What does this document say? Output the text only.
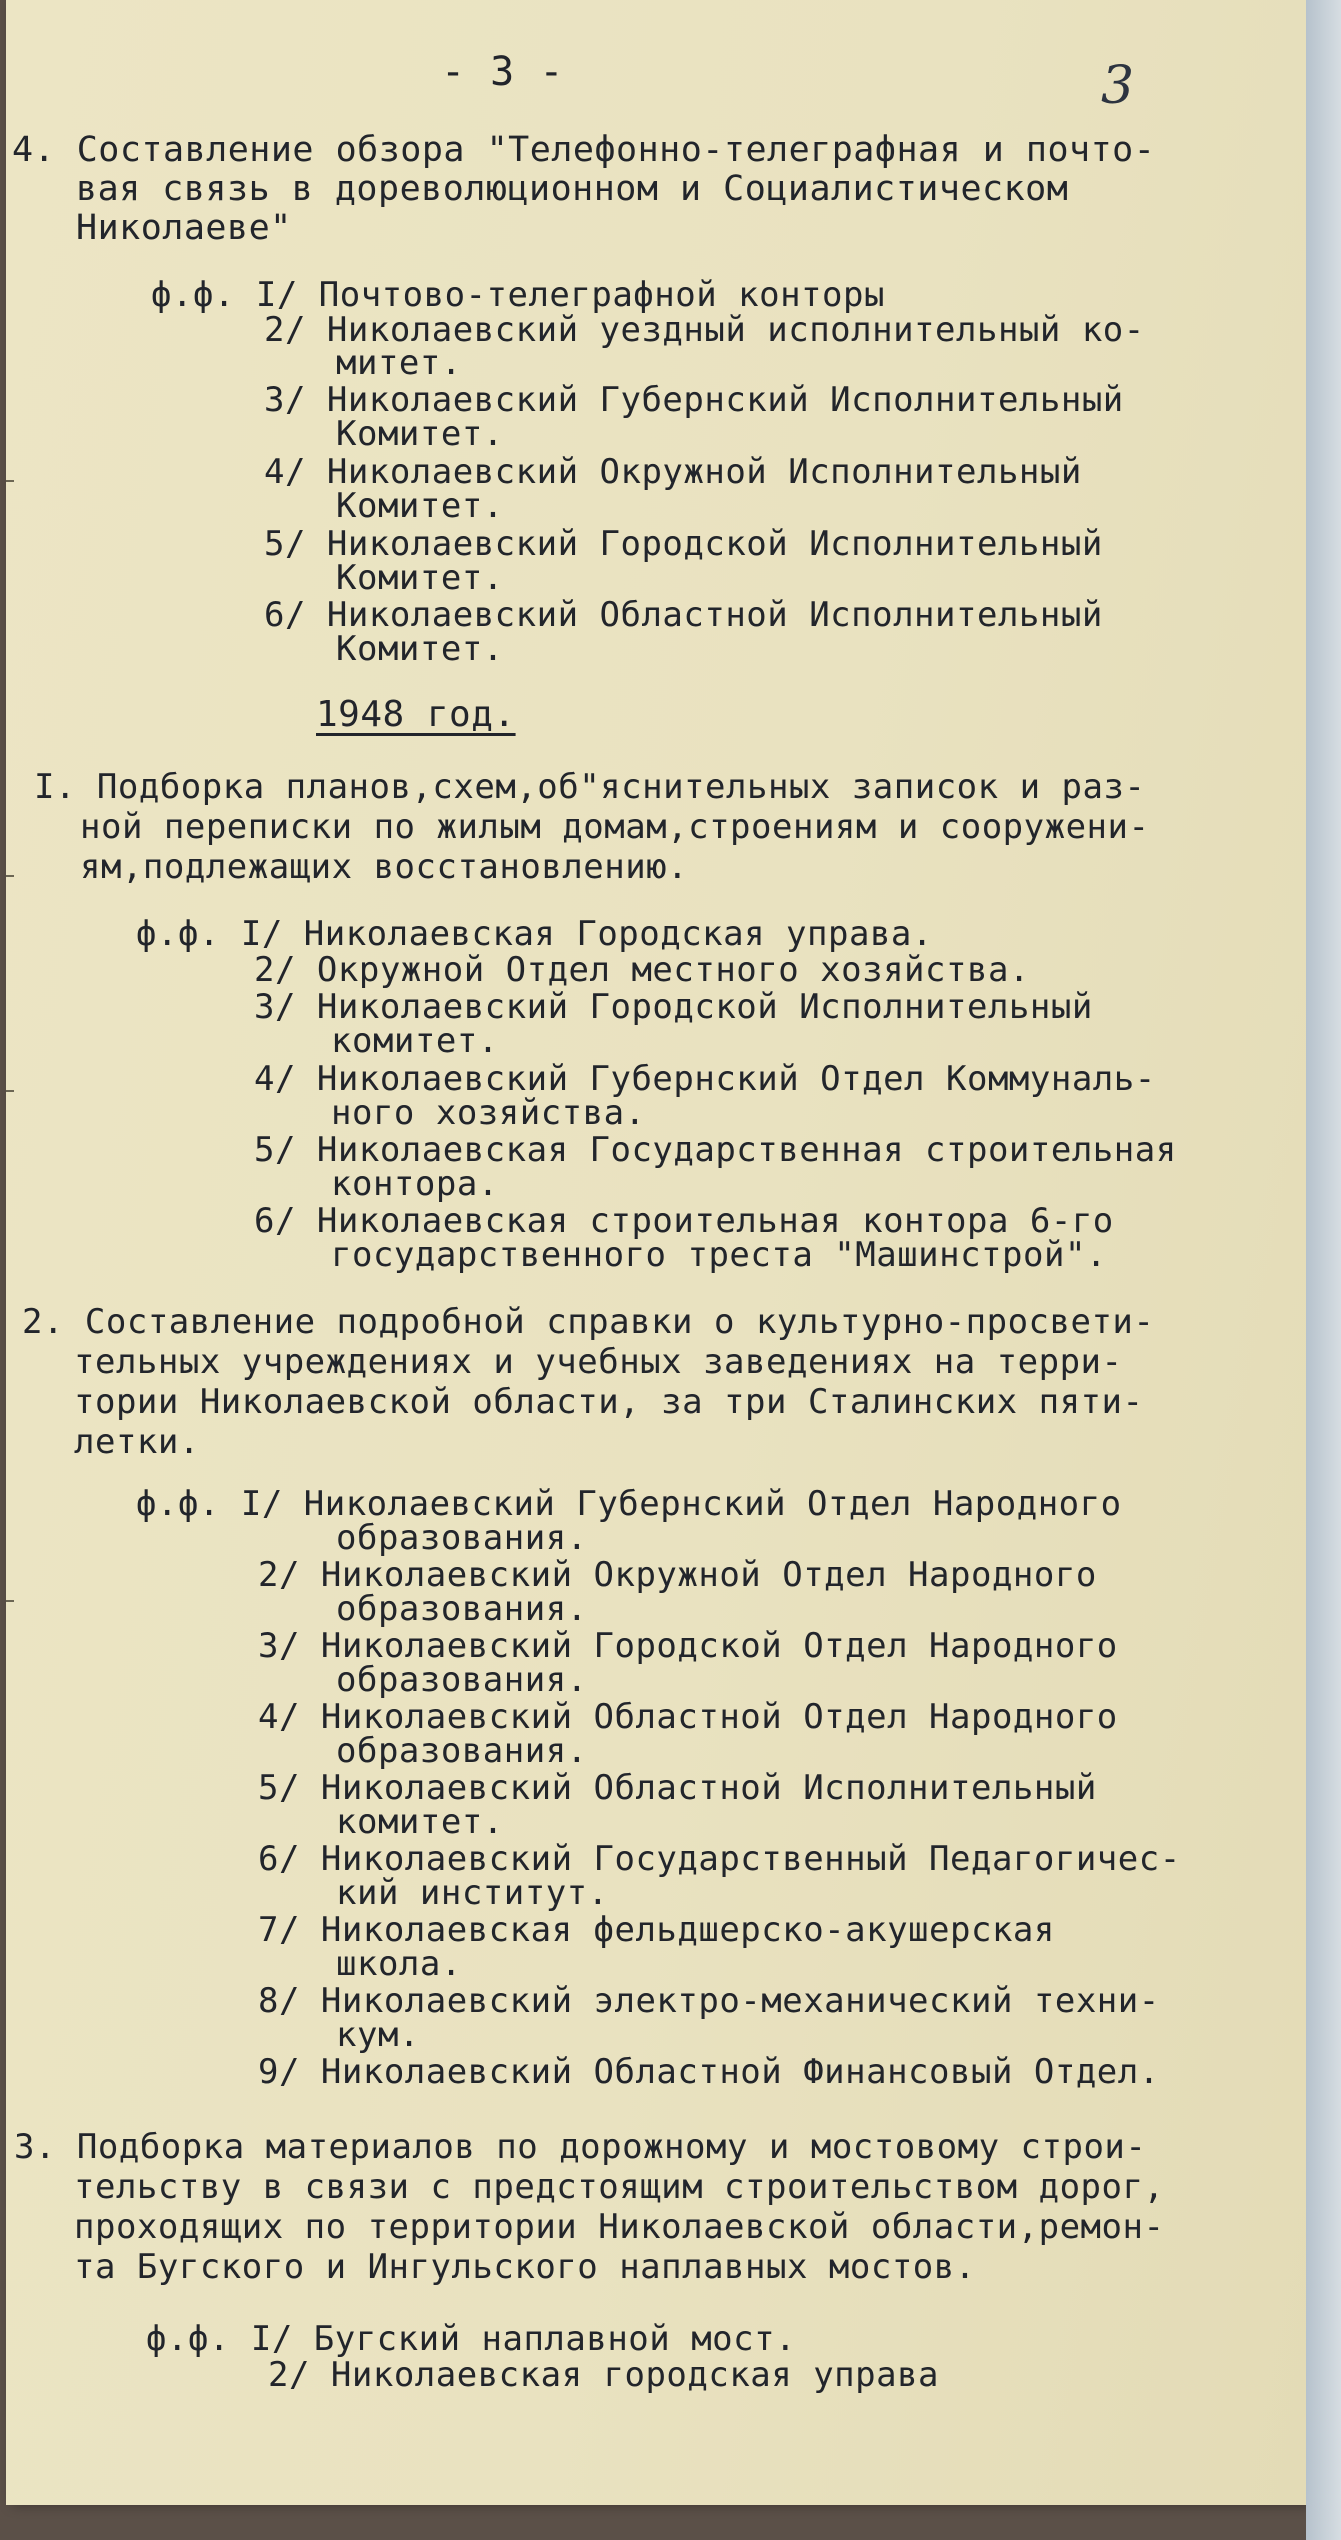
- 3 -	3
4. Составление обзора "Телефонно-телеграфная и почто-
вая связь в дореволюционном и Социалистическом
Николаеве"
ф.ф. I/ Почтово-телеграфной конторы
2/ Николаевский уездный исполнительный ко-
митет.
3/ Николаевский Губернский Исполнительный
Комитет.
4/ Николаевский Окружной Исполнительный
Комитет.
5/ Николаевский Городской Исполнительный
Комитет.
6/ Николаевский Областной Исполнительный
Комитет.
1948 год.
I. Подборка планов,схем,об"яснительных записок и раз-
ной переписки по жилым домам,строениям и сооружени-
ям,подлежащих восстановлению.
ф.ф. I/ Николаевская Городская управа.
2/ Окружной Отдел местного хозяйства.
3/ Николаевский Городской Исполнительный
комитет.
4/ Николаевский Губернский Отдел Коммуналь-
ного хозяйства.
5/ Николаевская Государственная строительная
контора.
6/ Николаевская строительная контора 6-го
государственного треста "Машинстрой".
2. Составление подробной справки о культурно-просвети-
тельных учреждениях и учебных заведениях на терри-
тории Николаевской области, за три Сталинских пяти-
летки.
ф.ф. I/ Николаевский Губернский Отдел Народного
образования.
2/ Николаевский Окружной Отдел Народного
образования.
3/ Николаевский Городской Отдел Народного
образования.
4/ Николаевский Областной Отдел Народного
образования.
5/ Николаевский Областной Исполнительный
комитет.
6/ Николаевский Государственный Педагогичес-
кий институт.
7/ Николаевская фельдшерско-акушерская
школа.
8/ Николаевский электро-механический техни-
кум.
9/ Николаевский Областной Финансовый Отдел.
3. Подборка материалов по дорожному и мостовому строи-
тельству в связи с предстоящим строительством дорог,
проходящих по территории Николаевской области,ремон-
та Бугского и Ингульского наплавных мостов.
ф.ф. I/ Бугский наплавной мост.
2/ Николаевская городская управа
